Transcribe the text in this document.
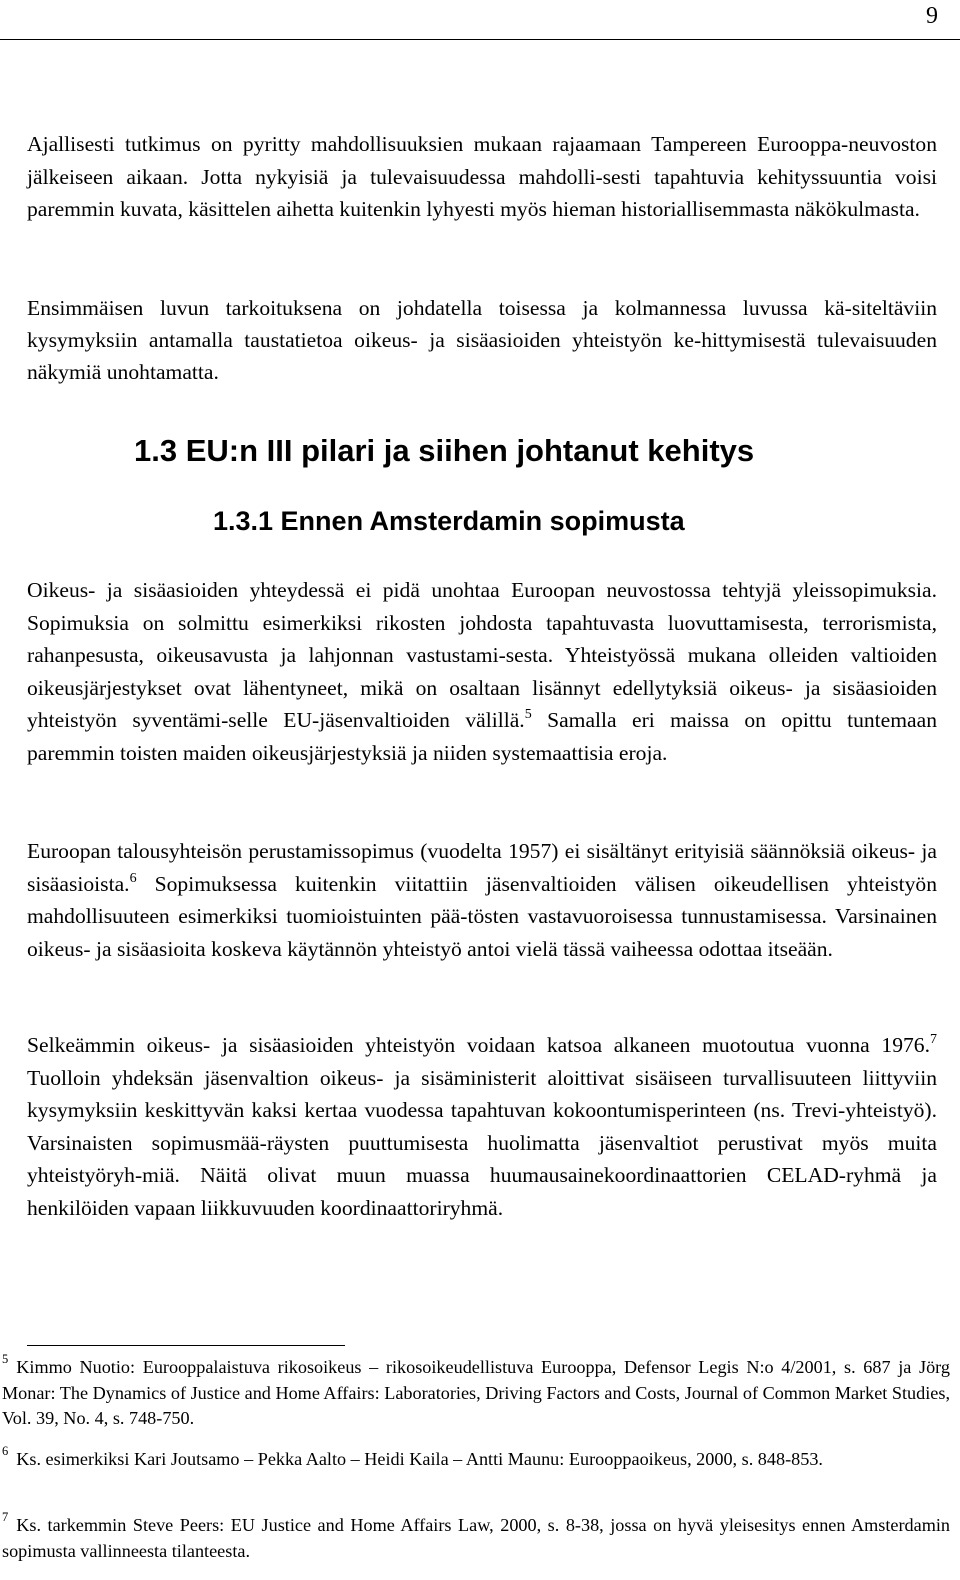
9

Ajallisesti tutkimus on pyritty mahdollisuuksien mukaan rajaamaan Tampereen Eurooppa-neuvoston jälkeiseen aikaan. Jotta nykyisiä ja tulevaisuudessa mahdolli-sesti tapahtuvia kehityssuuntia voisi paremmin kuvata, käsittelen aihetta kuitenkin lyhyesti myös hieman historiallisemmasta näkökulmasta.

Ensimmäisen luvun tarkoituksena on johdatella toisessa ja kolmannessa luvussa kä-siteltäviin kysymyksiin antamalla taustatietoa oikeus- ja sisäasioiden yhteistyön ke-hittymisestä tulevaisuuden näkymiä unohtamatta.

1.3 EU:n III pilari ja siihen johtanut kehitys
1.3.1 Ennen Amsterdamin sopimusta

Oikeus- ja sisäasioiden yhteydessä ei pidä unohtaa Euroopan neuvostossa tehtyjä yleissopimuksia. Sopimuksia on solmittu esimerkiksi rikosten johdosta tapahtuvasta luovuttamisesta, terrorismista, rahanpesusta, oikeusavusta ja lahjonnan vastustami-sesta. Yhteistyössä mukana olleiden valtioiden oikeusjärjestykset ovat lähentyneet, mikä on osaltaan lisännyt edellytyksiä oikeus- ja sisäasioiden yhteistyön syventämi-selle EU-jäsenvaltioiden välillä.$^5$ Samalla eri maissa on opittu tuntemaan paremmin toisten maiden oikeusjärjestyksiä ja niiden systemaattisia eroja.

Euroopan talousyhteisön perustamissopimus (vuodelta 1957) ei sisältänyt erityisiä säännöksiä oikeus- ja sisäasioista.$^6$ Sopimuksessa kuitenkin viitattiin jäsenvaltioiden välisen oikeudellisen yhteistyön mahdollisuuteen esimerkiksi tuomioistuinten pää-tösten vastavuoroisessa tunnustamisessa. Varsinainen oikeus- ja sisäasioita koskeva käytännön yhteistyö antoi vielä tässä vaiheessa odottaa itseään.

Selkeämmin oikeus- ja sisäasioiden yhteistyön voidaan katsoa alkaneen muotoutua vuonna 1976.$^7$ Tuolloin yhdeksän jäsenvaltion oikeus- ja sisäministerit aloittivat sisäiseen turvallisuuteen liittyviin kysymyksiin keskittyvän kaksi kertaa vuodessa tapahtuvan kokoontumisperinteen (ns. Trevi-yhteistyö). Varsinaisten sopimusmää-räysten puuttumisesta huolimatta jäsenvaltiot perustivat myös muita yhteistyöryh-miä. Näitä olivat muun muassa huumausainekoordinaattorien CELAD-ryhmä ja henkilöiden vapaan liikkuvuuden koordinaattoriryhmä.

$^5$ Kimmo Nuotio: Eurooppalaistuva rikosoikeus – rikosoikeudellistuva Eurooppa, Defensor Legis N:o 4/2001, s. 687 ja Jörg Monar: The Dynamics of Justice and Home Affairs: Laboratories, Driving Factors and Costs, Journal of Common Market Studies, Vol. 39, No. 4, s. 748-750.

$^6$ Ks. esimerkiksi Kari Joutsamo – Pekka Aalto – Heidi Kaila – Antti Maunu: Eurooppaoikeus, 2000, s. 848-853.

$^7$ Ks. tarkemmin Steve Peers: EU Justice and Home Affairs Law, 2000, s. 8-38, jossa on hyvä yleisesitys ennen Amsterdamin sopimusta vallinneesta tilanteesta.
